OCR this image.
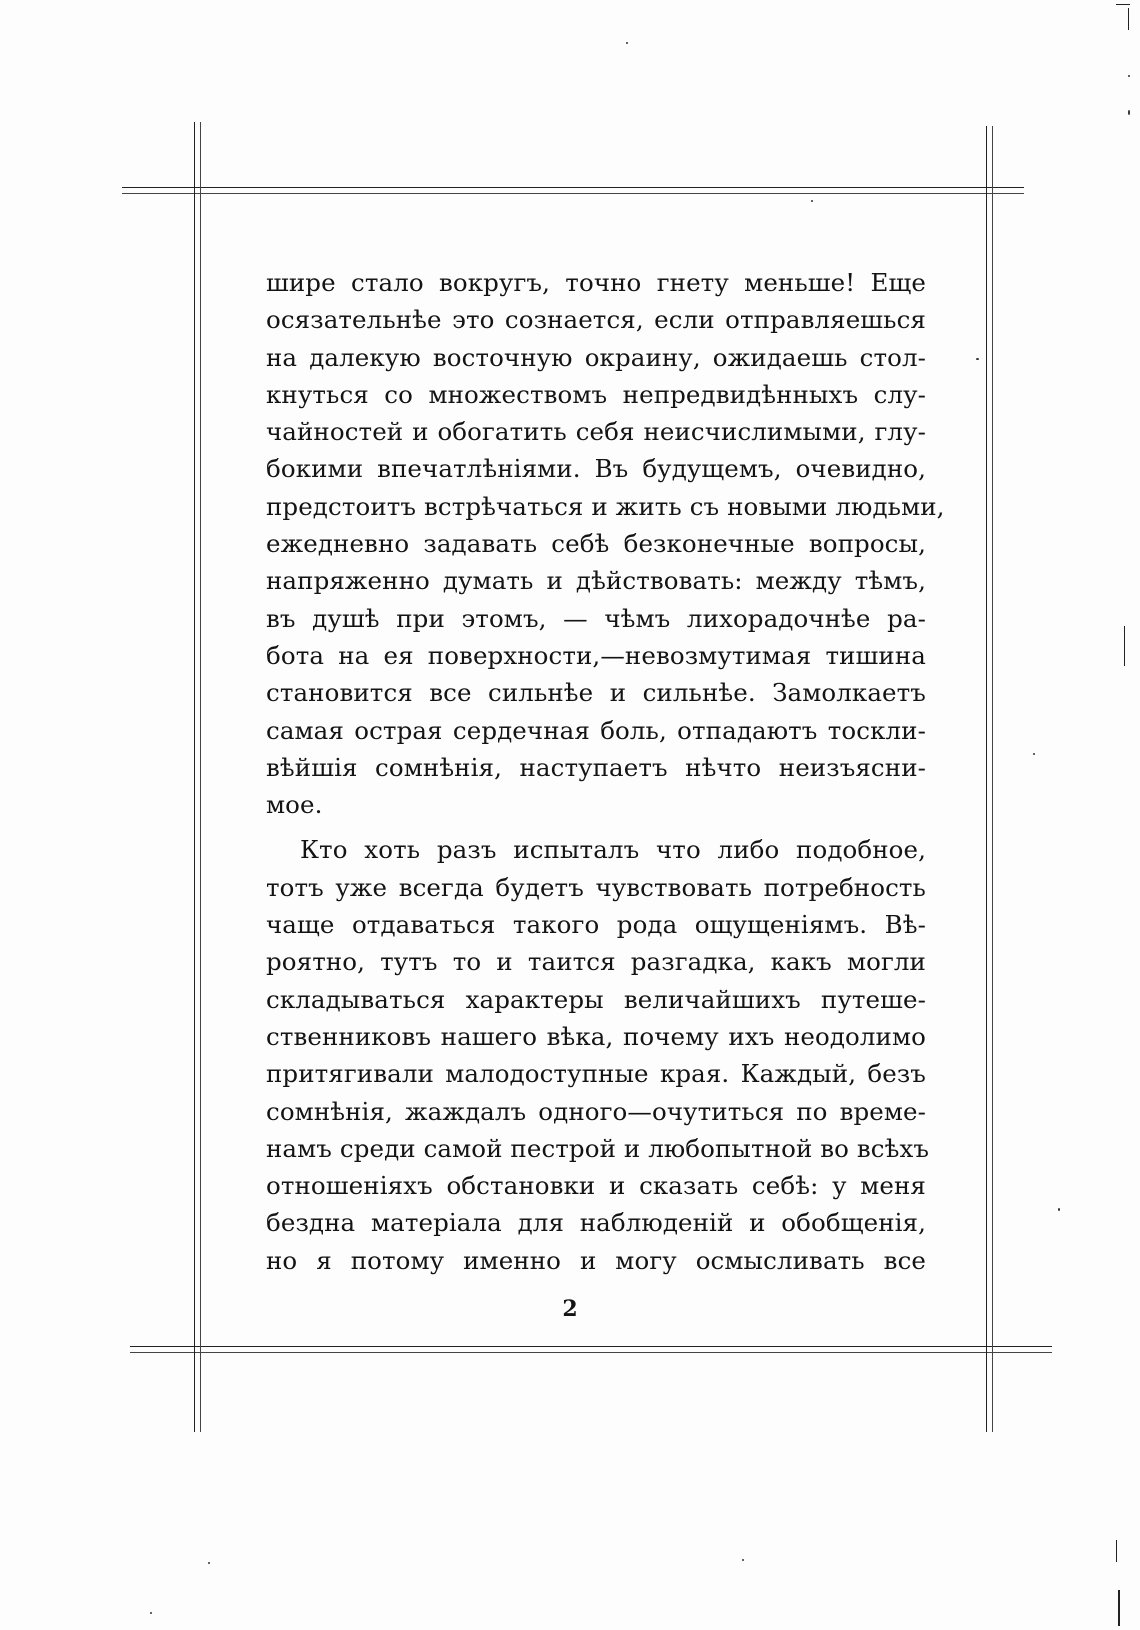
шире стало вокругъ, точно гнету меньше! Еще
осязательнѣе это сознается, если отправляешься
на далекую восточную окраину, ожидаешь стол-
кнуться со множествомъ непредвидѣнныхъ слу-
чайностей и обогатить себя неисчислимыми, глу-
бокими впечатлѣніями. Въ будущемъ, очевидно,
предстоитъ встрѣчаться и жить съ новыми людьми,
ежедневно задавать себѣ безконечные вопросы,
напряженно думать и дѣйствовать: между тѣмъ,
въ душѣ при этомъ, — чѣмъ лихорадочнѣе ра-
бота на ея поверхности,—невозмутимая тишина
становится все сильнѣе и сильнѣе. Замолкаетъ
самая острая сердечная боль, отпадаютъ тоскли-
вѣйшія сомнѣнія, наступаетъ нѣчто неизъясни-
мое.
Кто хоть разъ испыталъ что либо подобное,
тотъ уже всегда будетъ чувствовать потребность
чаще отдаваться такого рода ощущеніямъ. Вѣ-
роятно, тутъ то и таится разгадка, какъ могли
складываться характеры величайшихъ путеше-
ственниковъ нашего вѣка, почему ихъ неодолимо
притягивали малодоступные края. Каждый, безъ
сомнѣнія, жаждалъ одного—очутиться по време-
намъ среди самой пестрой и любопытной во всѣхъ
отношеніяхъ обстановки и сказать себѣ: у меня
бездна матеріала для наблюденій и обобщенія,
но я потому именно и могу осмысливать все
2
